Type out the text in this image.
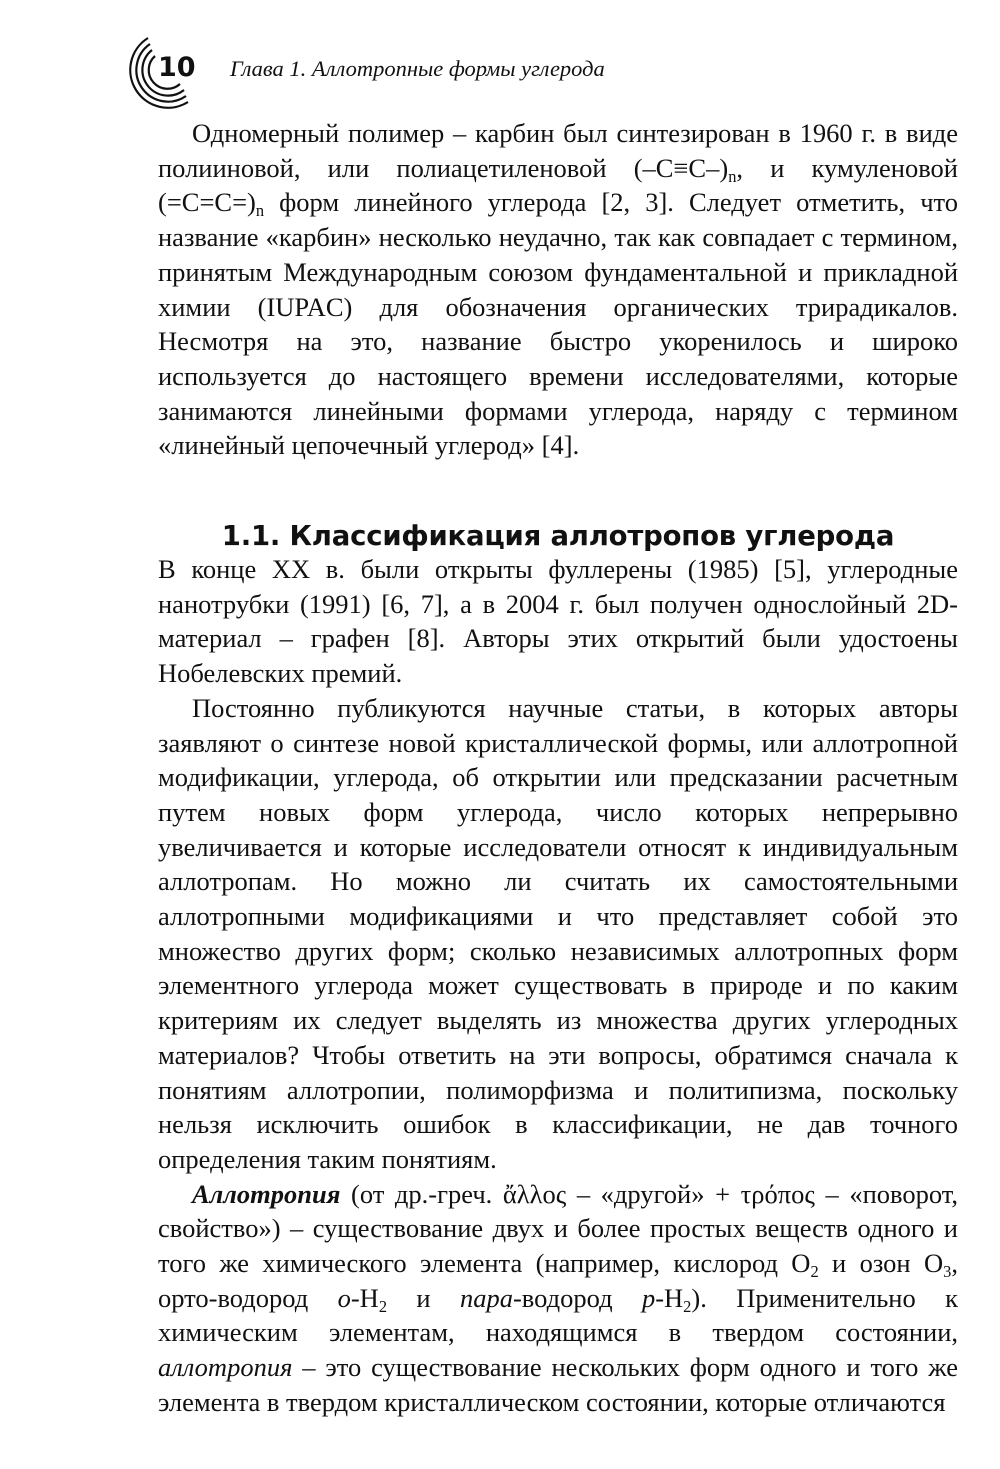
10 Глава 1. Аллотропные формы углерода

Одномерный полимер – карбин был синтезирован в 1960 г. в виде полииновой, или полиацетиленовой $(-C\equiv C-)_n$, и кумуленовой $(=C=C=)_n$ форм линейного углерода [2, 3]. Следует отметить, что название «карбин» несколько неудачно, так как совпадает с термином, принятым Международным союзом фундаментальной и прикладной химии (IUPAC) для обозначения органических трирадикалов. Несмотря на это, название быстро укоренилось и широко используется до настоящего времени исследователями, которые занимаются линейными формами углерода, наряду с термином «линейный цепочечный углерод» [4].

1.1. Классификация аллотропов углерода

В конце XX в. были открыты фуллерены (1985) [5], углеродные нанотрубки (1991) [6, 7], а в 2004 г. был получен однослойный 2D-материал – графен [8]. Авторы этих открытий были удостоены Нобелевских премий.

Постоянно публикуются научные статьи, в которых авторы заявляют о синтезе новой кристаллической формы, или аллотропной модификации, углерода, об открытии или предсказании расчетным путем новых форм углерода, число которых непрерывно увеличивается и которые исследователи относят к индивидуальным аллотропам. Но можно ли считать их самостоятельными аллотропными модификациями и что представляет собой это множество других форм; сколько независимых аллотропных форм элементного углерода может существовать в природе и по каким критериям их следует выделять из множества других углеродных материалов? Чтобы ответить на эти вопросы, обратимся сначала к понятиям аллотропии, полиморфизма и политипизма, поскольку нельзя исключить ошибок в классификации, не дав точного определения таким понятиям.

Аллотропия (от др.-греч. ἄλλος – «другой» + τρόπος – «поворот, свойство») – существование двух и более простых веществ одного и того же химического элемента (например, кислород $O_2$ и озон $O_3$, орто-водород $o-H_2$ и пара-водород $p-H_2$). Применительно к химическим элементам, находящимся в твердом состоянии, аллотропия – это существование нескольких форм одного и того же элемента в твердом кристаллическом состоянии, которые отличаются
